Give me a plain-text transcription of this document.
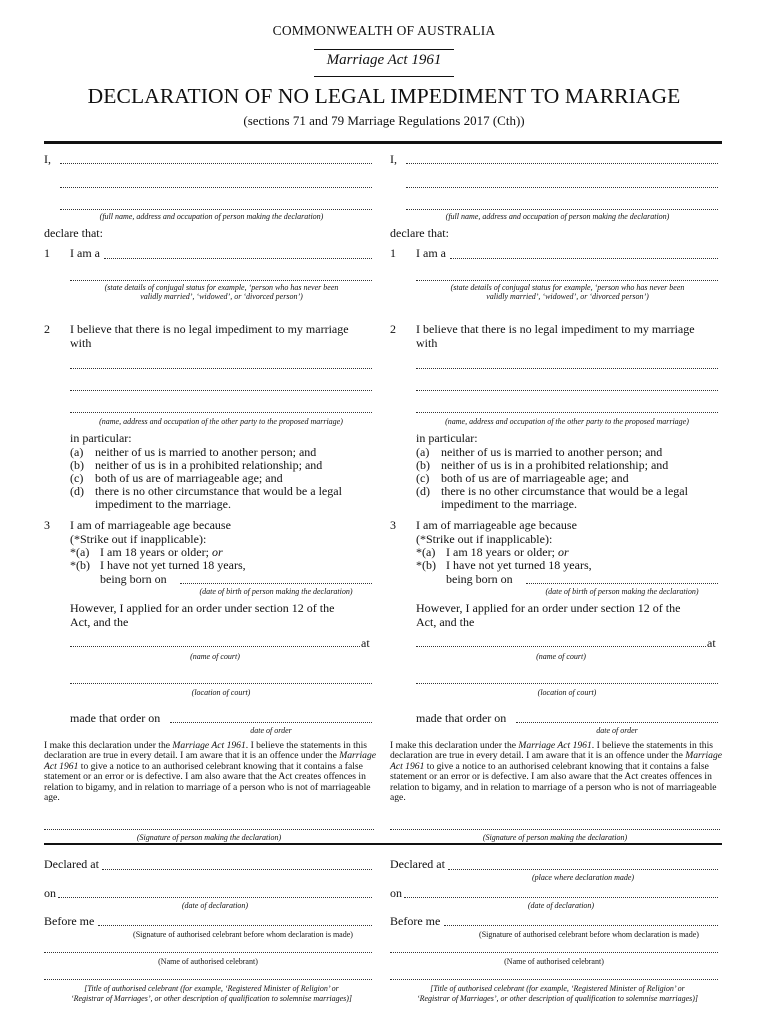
COMMONWEALTH OF AUSTRALIA
Marriage Act 1961
DECLARATION OF NO LEGAL IMPEDIMENT TO MARRIAGE
(sections 71 and 79 Marriage Regulations 2017 (Cth))
I,
(full name, address and occupation of person making the declaration)
declare that:
1 I am a
(state details of conjugal status for example, ‘person who has never been
validly married’, ‘widowed’, or ‘divorced person’)
2 I believe that there is no legal impediment to my marriage
with
(name, address and occupation of the other party to the proposed marriage)
in particular:
(a) neither of us is married to another person; and
(b) neither of us is in a prohibited relationship; and
(c) both of us are of marriageable age; and
(d) there is no other circumstance that would be a legal
impediment to the marriage.
3 I am of marriageable age because
(*Strike out if inapplicable):
*(a) I am 18 years or older; or
*(b) I have not yet turned 18 years,
being born on
(date of birth of person making the declaration)
However, I applied for an order under section 12 of the
Act, and the
at
(name of court)
(location of court)
made that order on
date of order
I make this declaration under the Marriage Act 1961. I believe the statements in this declaration are true in every detail. I am aware that it is an offence under the Marriage Act 1961 to give a notice to an authorised celebrant knowing that it contains a false statement or an error or is defective. I am also aware that the Act creates offences in relation to bigamy, and in relation to marriage of a person who is not of marriageable age.
(Signature of person making the declaration)
Declared at
on
(date of declaration)
Before me
(Signature of authorised celebrant before whom declaration is made)
(Name of authorised celebrant)
[Title of authorised celebrant (for example, ‘Registered Minister of Religion’ or
‘Registrar of Marriages’, or other description of qualification to solemnise marriages)]
I,
(full name, address and occupation of person making the declaration)
declare that:
1 I am a
(state details of conjugal status for example, ‘person who has never been
validly married’, ‘widowed’, or ‘divorced person’)
2 I believe that there is no legal impediment to my marriage
with
(name, address and occupation of the other party to the proposed marriage)
in particular:
(a) neither of us is married to another person; and
(b) neither of us is in a prohibited relationship; and
(c) both of us are of marriageable age; and
(d) there is no other circumstance that would be a legal
impediment to the marriage.
3 I am of marriageable age because
(*Strike out if inapplicable):
*(a) I am 18 years or older; or
*(b) I have not yet turned 18 years,
being born on
(date of birth of person making the declaration)
However, I applied for an order under section 12 of the
Act, and the
at
(name of court)
(location of court)
made that order on
date of order
I make this declaration under the Marriage Act 1961. I believe the statements in this declaration are true in every detail. I am aware that it is an offence under the Marriage Act 1961 to give a notice to an authorised celebrant knowing that it contains a false statement or an error or is defective. I am also aware that the Act creates offences in relation to bigamy, and in relation to marriage of a person who is not of marriageable age.
(Signature of person making the declaration)
Declared at
(place where declaration made)
on
(date of declaration)
Before me
(Signature of authorised celebrant before whom declaration is made)
(Name of authorised celebrant)
[Title of authorised celebrant (for example, ‘Registered Minister of Religion’ or
‘Registrar of Marriages’, or other description of qualification to solemnise marriages)]
